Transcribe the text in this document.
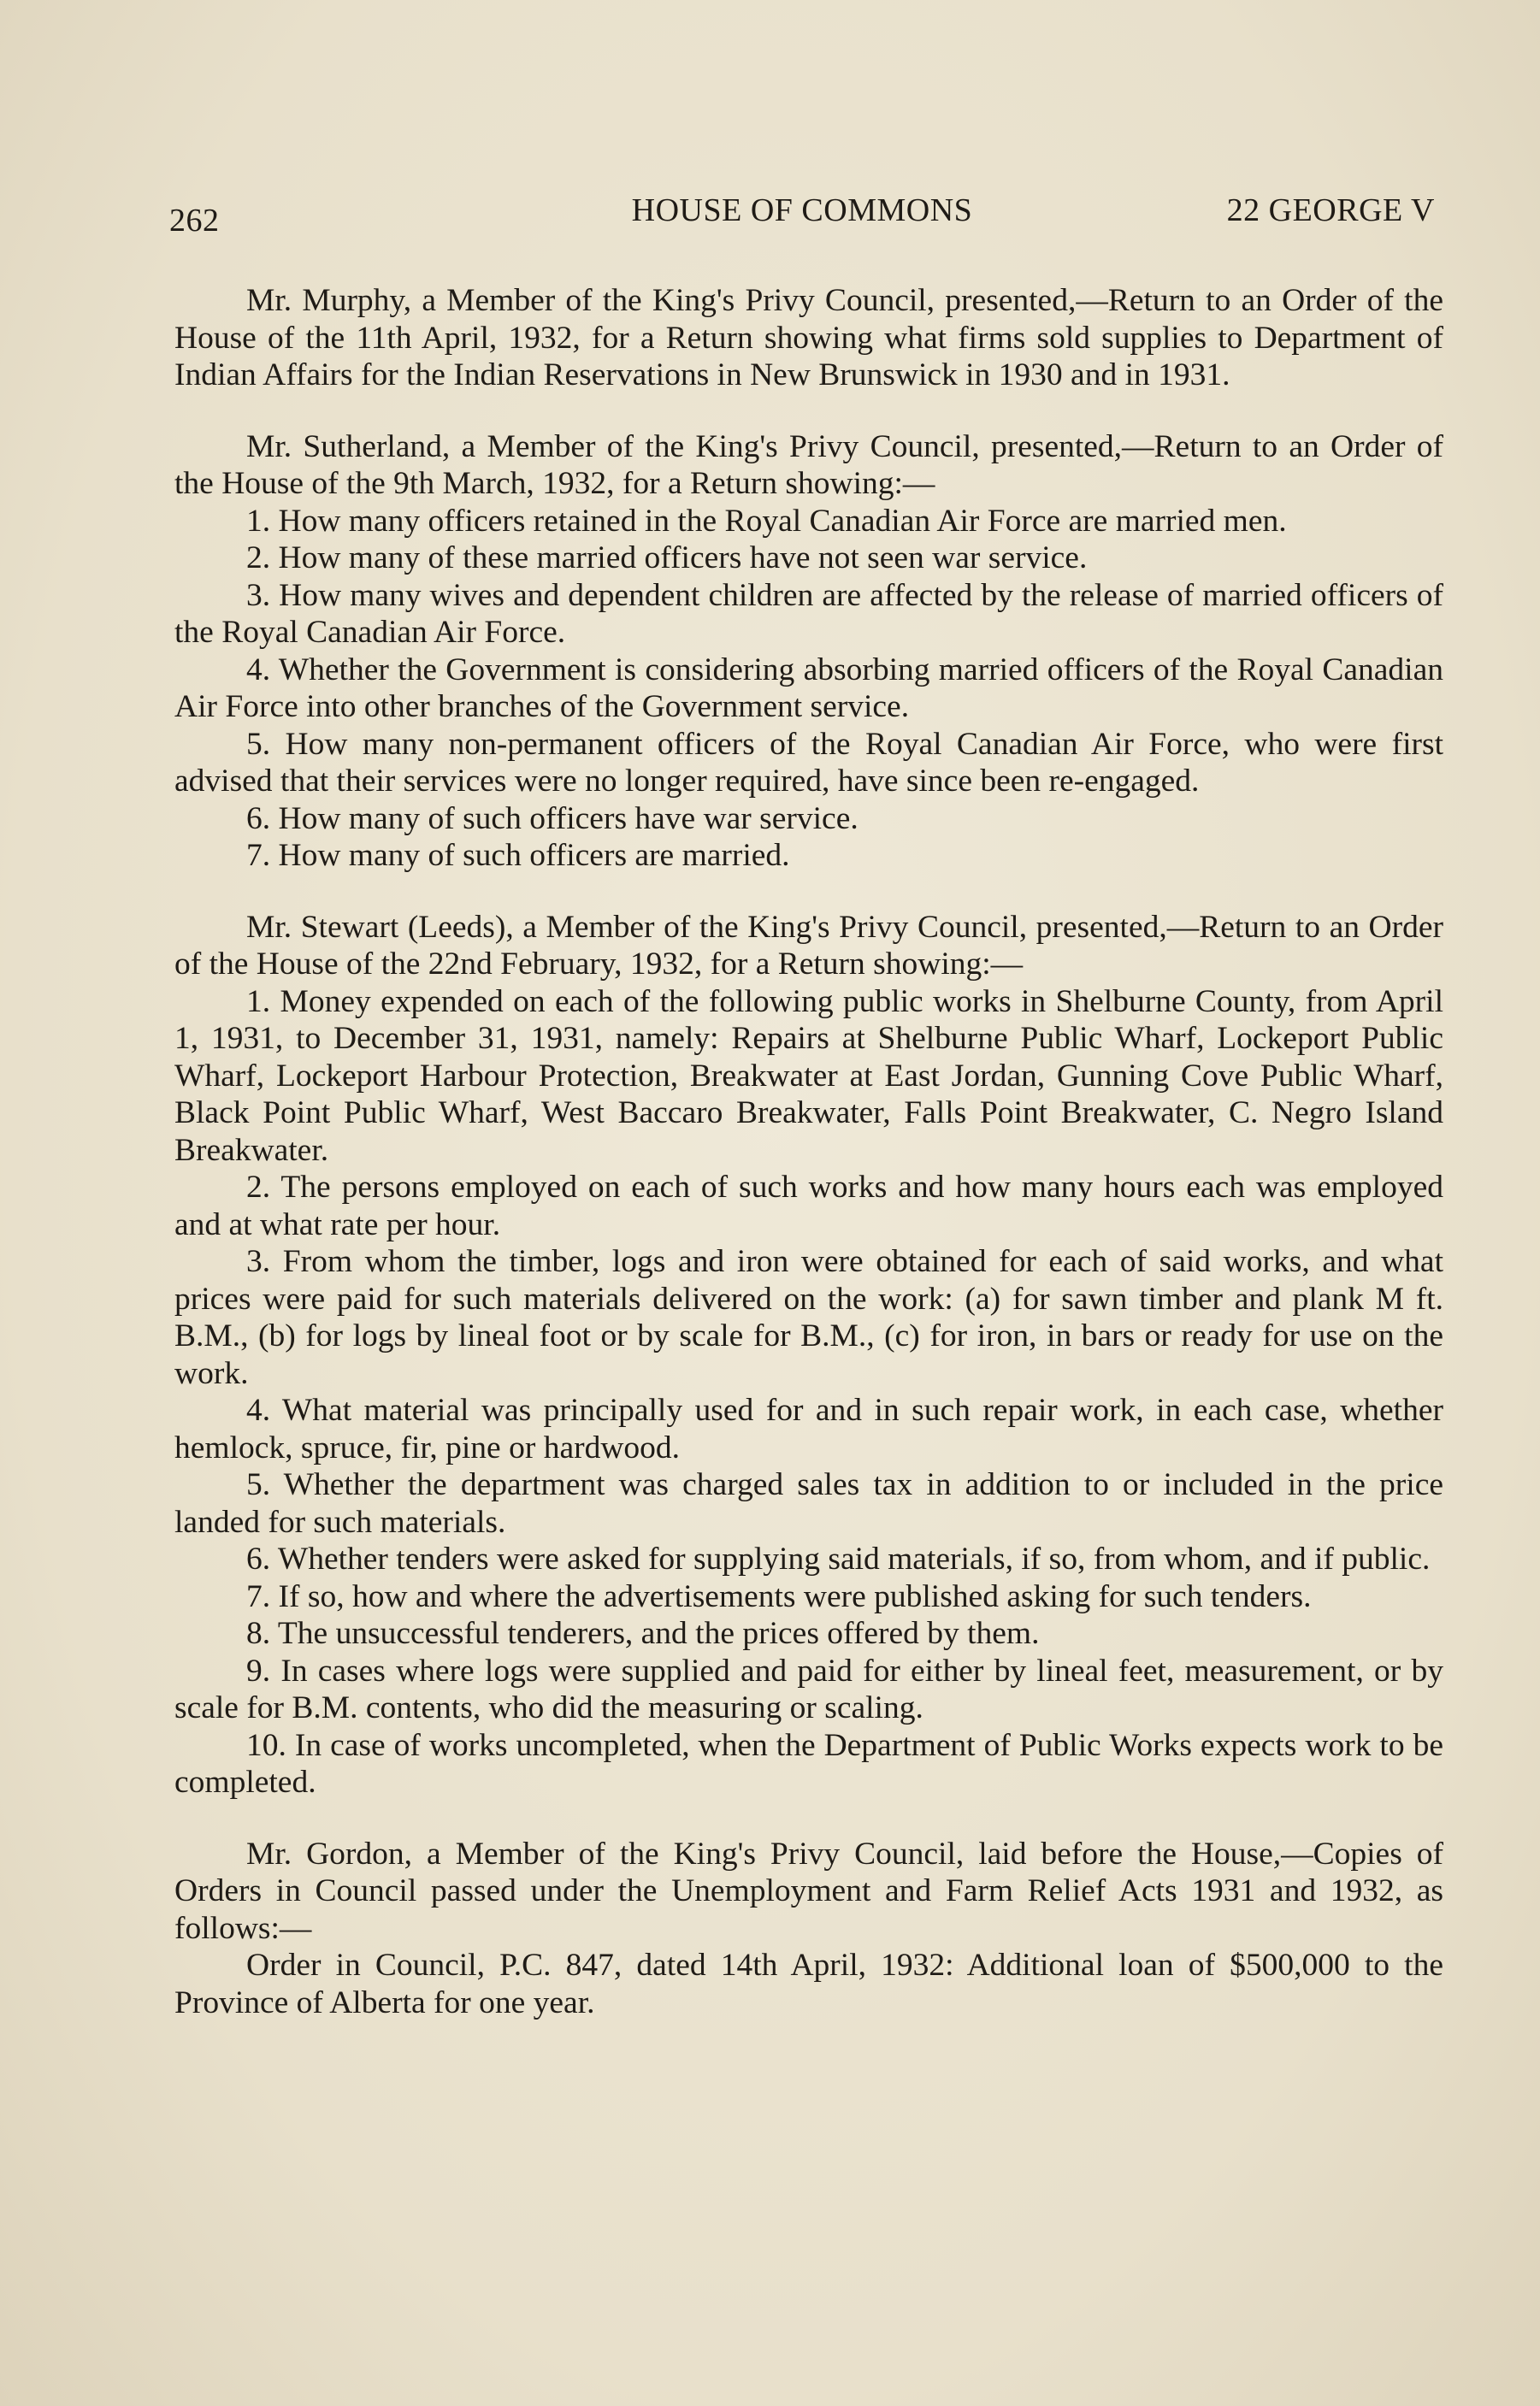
262	HOUSE OF COMMONS	22 GEORGE V

Mr. Murphy, a Member of the King's Privy Council, presented,—Return to an Order of the House of the 11th April, 1932, for a Return showing what firms sold supplies to Department of Indian Affairs for the Indian Reservations in New Brunswick in 1930 and in 1931.

Mr. Sutherland, a Member of the King's Privy Council, presented,—Return to an Order of the House of the 9th March, 1932, for a Return showing:—

1. How many officers retained in the Royal Canadian Air Force are married men.

2. How many of these married officers have not seen war service.

3. How many wives and dependent children are affected by the release of married officers of the Royal Canadian Air Force.

4. Whether the Government is considering absorbing married officers of the Royal Canadian Air Force into other branches of the Government service.

5. How many non-permanent officers of the Royal Canadian Air Force, who were first advised that their services were no longer required, have since been re-engaged.

6. How many of such officers have war service.

7. How many of such officers are married.

Mr. Stewart (Leeds), a Member of the King's Privy Council, presented,—Return to an Order of the House of the 22nd February, 1932, for a Return showing:—

1. Money expended on each of the following public works in Shelburne County, from April 1, 1931, to December 31, 1931, namely: Repairs at Shelburne Public Wharf, Lockeport Public Wharf, Lockeport Harbour Protection, Breakwater at East Jordan, Gunning Cove Public Wharf, Black Point Public Wharf, West Baccaro Breakwater, Falls Point Breakwater, C. Negro Island Breakwater.

2. The persons employed on each of such works and how many hours each was employed and at what rate per hour.

3. From whom the timber, logs and iron were obtained for each of said works, and what prices were paid for such materials delivered on the work: (a) for sawn timber and plank M ft. B.M., (b) for logs by lineal foot or by scale for B.M., (c) for iron, in bars or ready for use on the work.

4. What material was principally used for and in such repair work, in each case, whether hemlock, spruce, fir, pine or hardwood.

5. Whether the department was charged sales tax in addition to or included in the price landed for such materials.

6. Whether tenders were asked for supplying said materials, if so, from whom, and if public.

7. If so, how and where the advertisements were published asking for such tenders.

8. The unsuccessful tenderers, and the prices offered by them.

9. In cases where logs were supplied and paid for either by lineal feet, measurement, or by scale for B.M. contents, who did the measuring or scaling.

10. In case of works uncompleted, when the Department of Public Works expects work to be completed.

Mr. Gordon, a Member of the King's Privy Council, laid before the House,—Copies of Orders in Council passed under the Unemployment and Farm Relief Acts 1931 and 1932, as follows:—

Order in Council, P.C. 847, dated 14th April, 1932: Additional loan of $500,000 to the Province of Alberta for one year.
